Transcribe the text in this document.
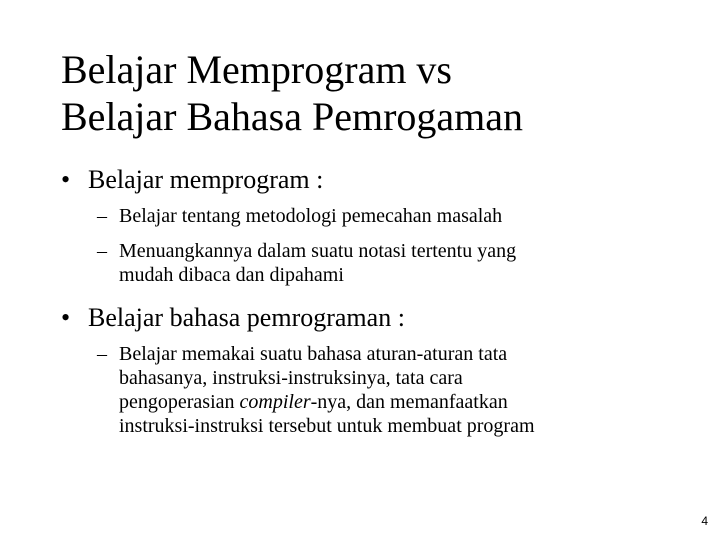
Belajar Memprogram vs
Belajar Bahasa Pemrogaman
• Belajar memprogram :
– Belajar tentang metodologi pemecahan masalah
– Menuangkannya dalam suatu notasi tertentu yang
mudah dibaca dan dipahami
• Belajar bahasa pemrograman :
– Belajar memakai suatu bahasa aturan-aturan tata
bahasanya, instruksi-instruksinya, tata cara
pengoperasian compiler-nya, dan memanfaatkan
instruksi-instruksi tersebut untuk membuat program
4
